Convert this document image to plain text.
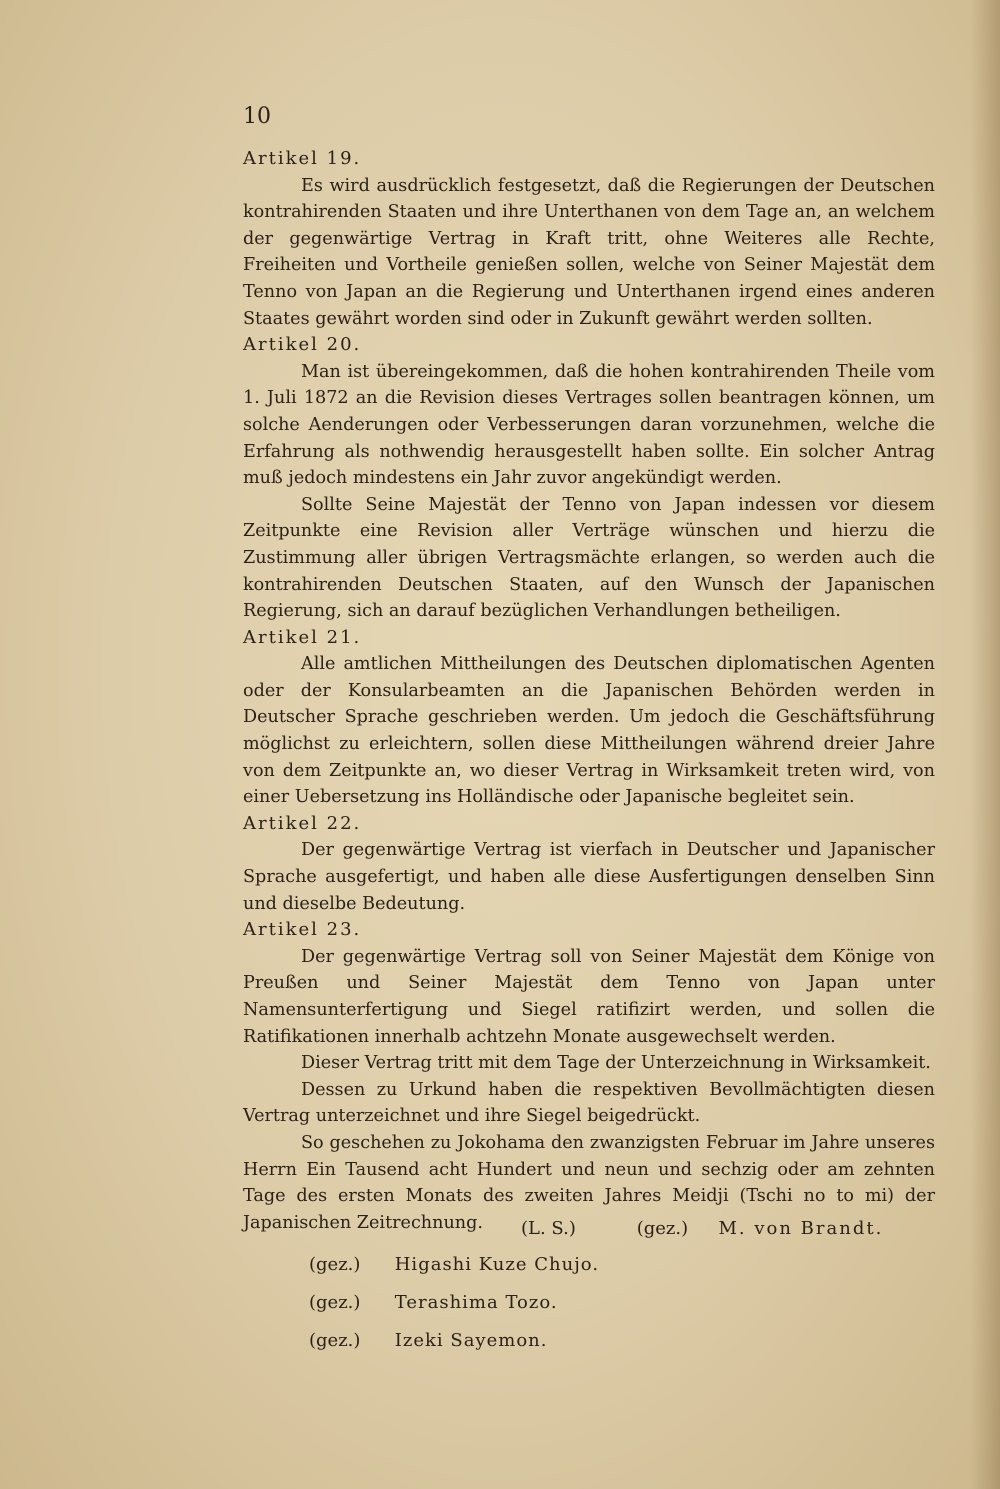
10

Artikel 19.

Es wird ausdrücklich festgesetzt, daß die Regierungen der Deutschen kontrahirenden Staaten und ihre Unterthanen von dem Tage an, an welchem der gegenwärtige Vertrag in Kraft tritt, ohne Weiteres alle Rechte, Freiheiten und Vortheile genießen sollen, welche von Seiner Majestät dem Tenno von Japan an die Regierung und Unterthanen irgend eines anderen Staates gewährt worden sind oder in Zukunft gewährt werden sollten.

Artikel 20.

Man ist übereingekommen, daß die hohen kontrahirenden Theile vom 1. Juli 1872 an die Revision dieses Vertrages sollen beantragen können, um solche Aenderungen oder Verbesserungen daran vorzunehmen, welche die Erfahrung als nothwendig herausgestellt haben sollte. Ein solcher Antrag muß jedoch mindestens ein Jahr zuvor angekündigt werden.

Sollte Seine Majestät der Tenno von Japan indessen vor diesem Zeitpunkte eine Revision aller Verträge wünschen und hierzu die Zustimmung aller übrigen Vertragsmächte erlangen, so werden auch die kontrahirenden Deutschen Staaten, auf den Wunsch der Japanischen Regierung, sich an darauf bezüglichen Verhandlungen betheiligen.

Artikel 21.

Alle amtlichen Mittheilungen des Deutschen diplomatischen Agenten oder der Konsularbeamten an die Japanischen Behörden werden in Deutscher Sprache geschrieben werden. Um jedoch die Geschäftsführung möglichst zu erleichtern, sollen diese Mittheilungen während dreier Jahre von dem Zeitpunkte an, wo dieser Vertrag in Wirksamkeit treten wird, von einer Uebersetzung ins Holländische oder Japanische begleitet sein.

Artikel 22.

Der gegenwärtige Vertrag ist vierfach in Deutscher und Japanischer Sprache ausgefertigt, und haben alle diese Ausfertigungen denselben Sinn und dieselbe Bedeutung.

Artikel 23.

Der gegenwärtige Vertrag soll von Seiner Majestät dem Könige von Preußen und Seiner Majestät dem Tenno von Japan unter Namensunterfertigung und Siegel ratifizirt werden, und sollen die Ratifikationen innerhalb achtzehn Monate ausgewechselt werden.

Dieser Vertrag tritt mit dem Tage der Unterzeichnung in Wirksamkeit.

Dessen zu Urkund haben die respektiven Bevollmächtigten diesen Vertrag unterzeichnet und ihre Siegel beigedrückt.

So geschehen zu Jokohama den zwanzigsten Februar im Jahre unseres Herrn Ein Tausend acht Hundert und neun und sechzig oder am zehnten Tage des ersten Monats des zweiten Jahres Meidji (Tschi no to mi) der Japanischen Zeitrechnung.	(L. S.)	(gez.) M. von Brandt.
(gez.) Higashi Kuze Chujo.
(gez.) Terashima Tozo.
(gez.) Izeki Sayemon.
